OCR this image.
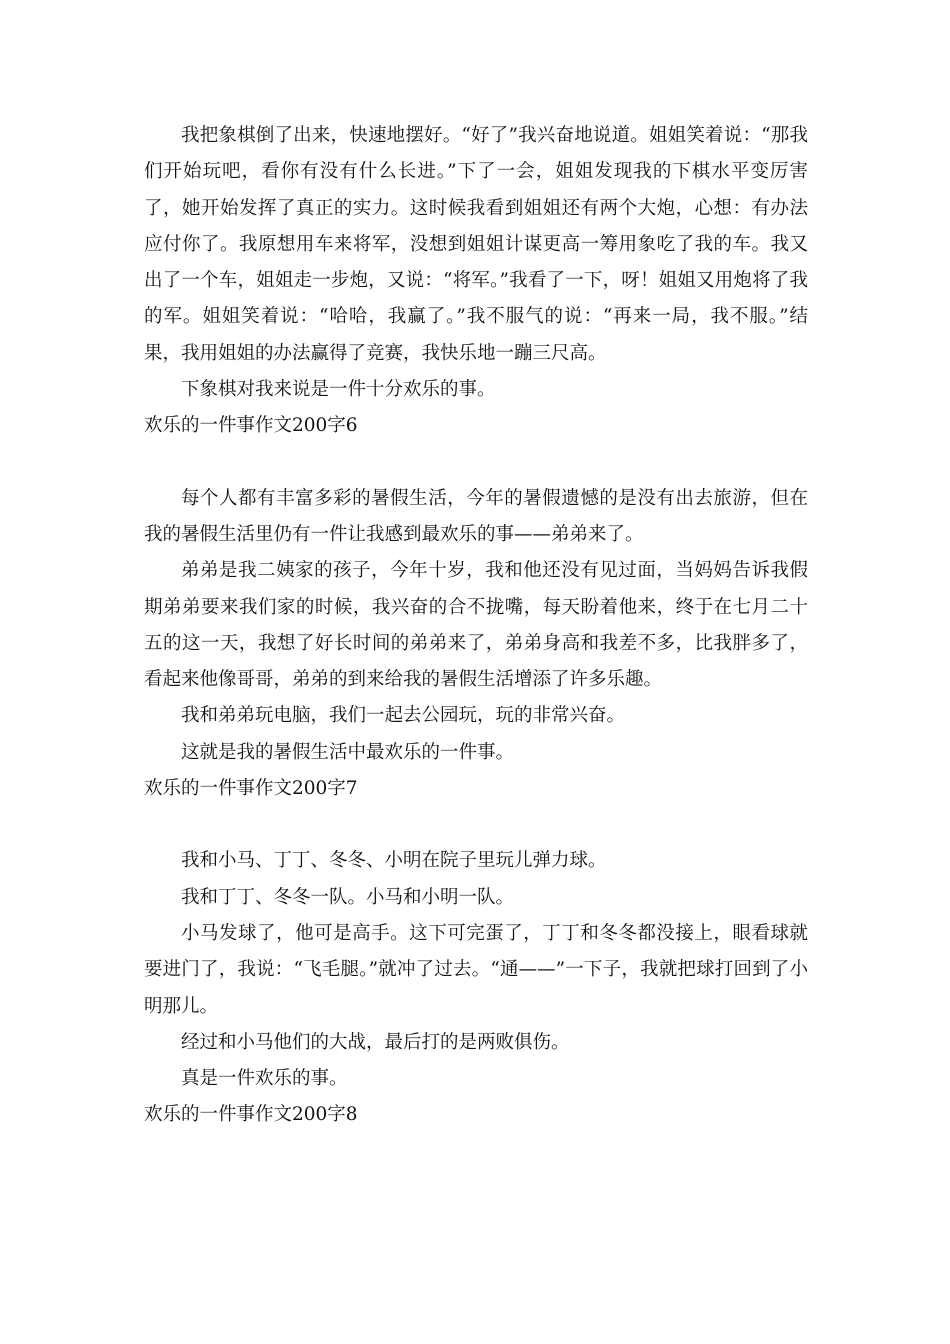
我把象棋倒了出来，快速地摆好。“好了”我兴奋地说道。姐姐笑着说：“那我们开始玩吧，看你有没有什么长进。”下了一会，姐姐发现我的下棋水平变厉害了，她开始发挥了真正的实力。这时候我看到姐姐还有两个大炮，心想：有办法应付你了。我原想用车来将军，没想到姐姐计谋更高一筹用象吃了我的车。我又出了一个车，姐姐走一步炮，又说：“将军。”我看了一下，呀！姐姐又用炮将了我的军。姐姐笑着说：“哈哈，我赢了。”我不服气的说：“再来一局，我不服。”结果，我用姐姐的办法赢得了竞赛，我快乐地一蹦三尺高。

下象棋对我来说是一件十分欢乐的事。

欢乐的一件事作文200字6

每个人都有丰富多彩的暑假生活，今年的暑假遗憾的是没有出去旅游，但在我的暑假生活里仍有一件让我感到最欢乐的事——弟弟来了。

弟弟是我二姨家的孩子，今年十岁，我和他还没有见过面，当妈妈告诉我假期弟弟要来我们家的时候，我兴奋的合不拢嘴，每天盼着他来，终于在七月二十五的这一天，我想了好长时间的弟弟来了，弟弟身高和我差不多，比我胖多了，看起来他像哥哥，弟弟的到来给我的暑假生活增添了许多乐趣。

我和弟弟玩电脑，我们一起去公园玩，玩的非常兴奋。

这就是我的暑假生活中最欢乐的一件事。

欢乐的一件事作文200字7

我和小马、丁丁、冬冬、小明在院子里玩儿弹力球。

我和丁丁、冬冬一队。小马和小明一队。

小马发球了，他可是高手。这下可完蛋了，丁丁和冬冬都没接上，眼看球就要进门了，我说：“飞毛腿。”就冲了过去。“通——”一下子，我就把球打回到了小明那儿。

经过和小马他们的大战，最后打的是两败俱伤。

真是一件欢乐的事。

欢乐的一件事作文200字8
